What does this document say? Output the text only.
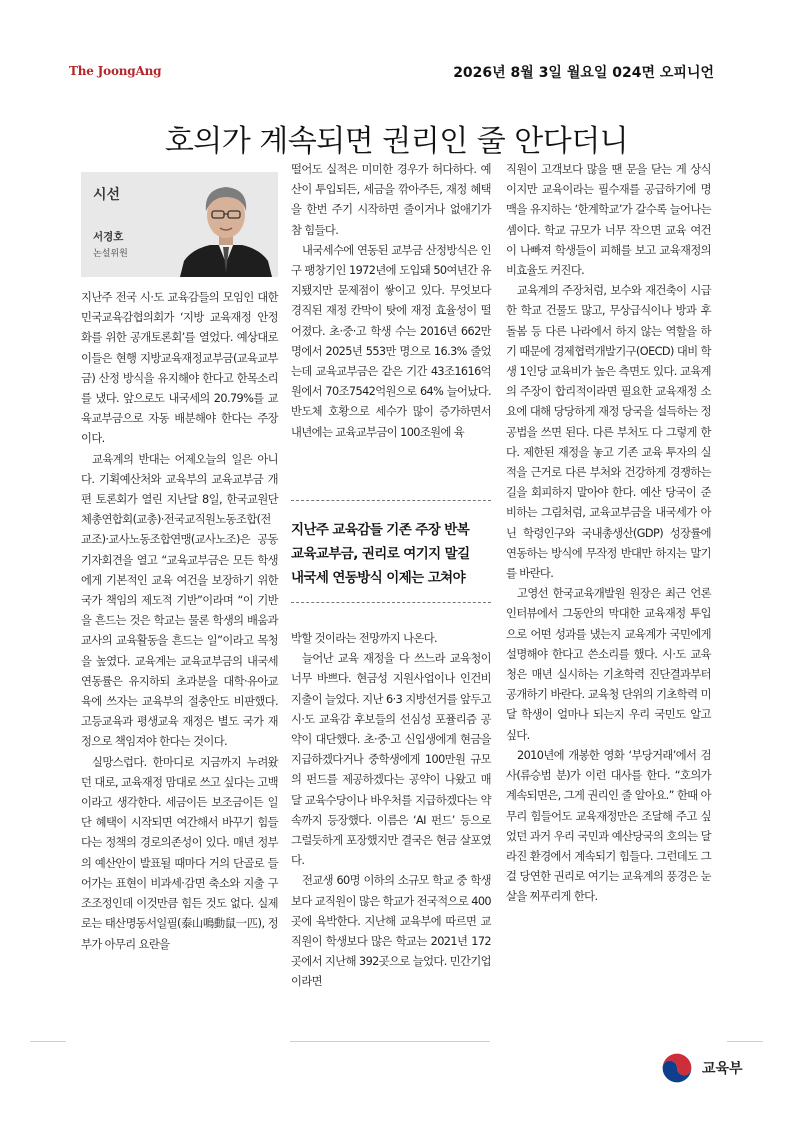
The JoongAng	2026년 8월 3일 월요일 024면 오피니언
호의가 계속되면 권리인 줄 안다더니
시선
서경호
논설위원

지난주 전국 시·도 교육감들의 모임인 대한민국교육감협의회가 ‘지방 교육재정 안정화를 위한 공개토론회’를 열었다. 예상대로 이들은 현행 지방교육재정교부금(교육교부금) 산정 방식을 유지해야 한다고 한목소리를 냈다. 앞으로도 내국세의 20.79%를 교육교부금으로 자동 배분해야 한다는 주장이다.

교육계의 반대는 어제오늘의 일은 아니다. 기획예산처와 교육부의 교육교부금 개편 토론회가 열린 지난달 8일, 한국교원단체총연합회(교총)·전국교직원노동조합(전교조)·교사노동조합연맹(교사노조)은 공동 기자회견을 열고 “교육교부금은 모든 학생에게 기본적인 교육 여건을 보장하기 위한 국가 책임의 제도적 기반”이라며 “이 기반을 흔드는 것은 학교는 물론 학생의 배움과 교사의 교육활동을 흔드는 일”이라고 목청을 높였다. 교육계는 교육교부금의 내국세 연동률은 유지하되 초과분을 대학·유아교육에 쓰자는 교육부의 절충안도 비판했다. 고등교육과 평생교육 재정은 별도 국가 재정으로 책임져야 한다는 것이다.

실망스럽다. 한마디로 지금까지 누려왔던 대로, 교육재정 맘대로 쓰고 싶다는 고백이라고 생각한다. 세금이든 보조금이든 일단 혜택이 시작되면 여간해서 바꾸기 힘들다는 정책의 경로의존성이 있다. 매년 정부의 예산안이 발표될 때마다 거의 단골로 들어가는 표현이 비과세·감면 축소와 지출 구조조정인데 이것만큼 힘든 것도 없다. 실제로는 태산명동서일필(泰山鳴動鼠一匹), 정부가 아무리 요란을

떨어도 실적은 미미한 경우가 허다하다. 예산이 투입되든, 세금을 깎아주든, 재정 혜택을 한번 주기 시작하면 줄이거나 없애기가 참 힘들다.

내국세수에 연동된 교부금 산정방식은 인구 팽창기인 1972년에 도입돼 50여년간 유지됐지만 문제점이 쌓이고 있다. 무엇보다 경직된 재정 칸막이 탓에 재정 효율성이 떨어졌다. 초·중·고 학생 수는 2016년 662만 명에서 2025년 553만 명으로 16.3% 줄었는데 교육교부금은 같은 기간 43조1616억원에서 70조7542억원으로 64% 늘어났다. 반도체 호황으로 세수가 많이 증가하면서 내년에는 교육교부금이 100조원에 육

지난주 교육감들 기존 주장 반복
교육교부금, 권리로 여기지 말길
내국세 연동방식 이제는 고쳐야

박할 것이라는 전망까지 나온다.

늘어난 교육 재정을 다 쓰느라 교육청이 너무 바쁘다. 현금성 지원사업이나 인건비 지출이 늘었다. 지난 6·3 지방선거를 앞두고 시·도 교육감 후보들의 선심성 포퓰리즘 공약이 대단했다. 초·중·고 신입생에게 현금을 지급하겠다거나 중학생에게 100만원 규모의 펀드를 제공하겠다는 공약이 나왔고 매달 교육수당이나 바우처를 지급하겠다는 약속까지 등장했다. 이름은 ‘AI 펀드’ 등으로 그럴듯하게 포장했지만 결국은 현금 살포였다.

전교생 60명 이하의 소규모 학교 중 학생보다 교직원이 많은 학교가 전국적으로 400곳에 육박한다. 지난해 교육부에 따르면 교직원이 학생보다 많은 학교는 2021년 172곳에서 지난해 392곳으로 늘었다. 민간기업이라면

직원이 고객보다 많을 땐 문을 닫는 게 상식이지만 교육이라는 필수재를 공급하기에 명맥을 유지하는 ‘한계학교’가 갈수록 늘어나는 셈이다. 학교 규모가 너무 작으면 교육 여건이 나빠져 학생들이 피해를 보고 교육재정의 비효율도 커진다.

교육계의 주장처럼, 보수와 재건축이 시급한 학교 건물도 많고, 무상급식이나 방과 후 돌봄 등 다른 나라에서 하지 않는 역할을 하기 때문에 경제협력개발기구(OECD) 대비 학생 1인당 교육비가 높은 측면도 있다. 교육계의 주장이 합리적이라면 필요한 교육재정 소요에 대해 당당하게 재정 당국을 설득하는 정공법을 쓰면 된다. 다른 부처도 다 그렇게 한다. 제한된 재정을 놓고 기존 교육 투자의 실적을 근거로 다른 부처와 건강하게 경쟁하는 길을 회피하지 말아야 한다. 예산 당국이 준비하는 그림처럼, 교육교부금을 내국세가 아닌 학령인구와 국내총생산(GDP) 성장률에 연동하는 방식에 무작정 반대만 하지는 말기를 바란다.

고영선 한국교육개발원 원장은 최근 언론 인터뷰에서 그동안의 막대한 교육재정 투입으로 어떤 성과를 냈는지 교육계가 국민에게 설명해야 한다고 쓴소리를 했다. 시·도 교육청은 매년 실시하는 기초학력 진단결과부터 공개하기 바란다. 교육청 단위의 기초학력 미달 학생이 얼마나 되는지 우리 국민도 알고 싶다.

2010년에 개봉한 영화 ‘부당거래’에서 검사(류승범 분)가 이런 대사를 한다. “호의가 계속되면은, 그게 권리인 줄 알아요.” 한때 아무리 힘들어도 교육재정만은 조달해 주고 싶었던 과거 우리 국민과 예산당국의 호의는 달라진 환경에서 계속되기 힘들다. 그런데도 그걸 당연한 권리로 여기는 교육계의 풍경은 눈살을 찌푸리게 한다.

교육부
